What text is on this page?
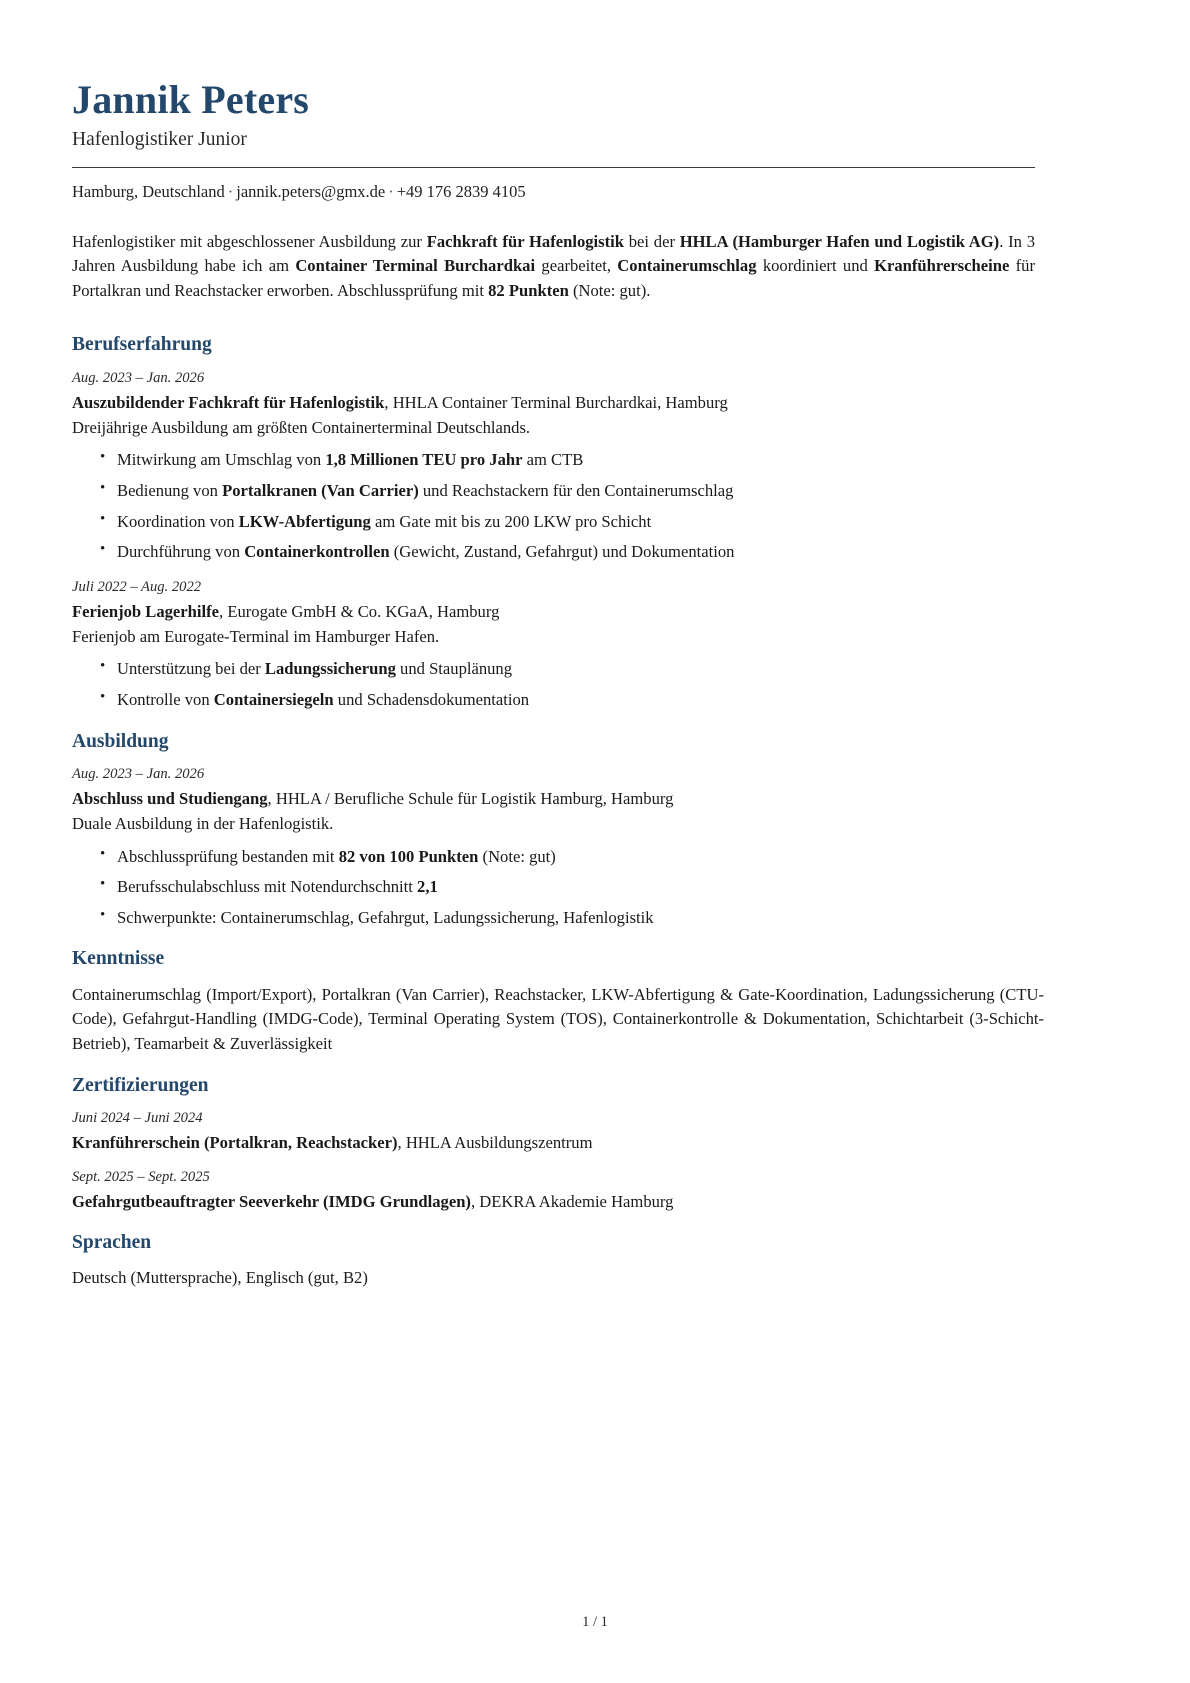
Jannik Peters
Hafenlogistiker Junior
Hamburg, Deutschland · jannik.peters@gmx.de · +49 176 2839 4105

Hafenlogistiker mit abgeschlossener Ausbildung zur Fachkraft für Hafenlogistik bei der HHLA (Hamburger Hafen und Logistik AG). In 3 Jahren Ausbildung habe ich am Container Terminal Burchardkai gearbeitet, Containerumschlag koordiniert und Kranführerscheine für Portalkran und Reachstacker erworben. Abschlussprüfung mit 82 Punkten (Note: gut).

Berufserfahrung
Aug. 2023 – Jan. 2026
Auszubildender Fachkraft für Hafenlogistik, HHLA Container Terminal Burchardkai, Hamburg
Dreijährige Ausbildung am größten Containerterminal Deutschlands.
• Mitwirkung am Umschlag von 1,8 Millionen TEU pro Jahr am CTB
• Bedienung von Portalkranen (Van Carrier) und Reachstackern für den Containerumschlag
• Koordination von LKW-Abfertigung am Gate mit bis zu 200 LKW pro Schicht
• Durchführung von Containerkontrollen (Gewicht, Zustand, Gefahrgut) und Dokumentation
Juli 2022 – Aug. 2022
Ferienjob Lagerhilfe, Eurogate GmbH & Co. KGaA, Hamburg
Ferienjob am Eurogate-Terminal im Hamburger Hafen.
• Unterstützung bei der Ladungssicherung und Stauplänung
• Kontrolle von Containersiegeln und Schadensdokumentation
Ausbildung
Aug. 2023 – Jan. 2026
Abschluss und Studiengang, HHLA / Berufliche Schule für Logistik Hamburg, Hamburg
Duale Ausbildung in der Hafenlogistik.
• Abschlussprüfung bestanden mit 82 von 100 Punkten (Note: gut)
• Berufsschulabschluss mit Notendurchschnitt 2,1
• Schwerpunkte: Containerumschlag, Gefahrgut, Ladungssicherung, Hafenlogistik
Kenntnisse

Containerumschlag (Import/Export), Portalkran (Van Carrier), Reachstacker, LKW-Abfertigung & Gate-Koordination, Ladungssicherung (CTU-Code), Gefahrgut-Handling (IMDG-Code), Terminal Operating System (TOS), Containerkontrolle & Dokumentation, Schichtarbeit (3-Schicht-Betrieb), Teamarbeit & Zuverlässigkeit

Zertifizierungen
Juni 2024 – Juni 2024
Kranführerschein (Portalkran, Reachstacker), HHLA Ausbildungszentrum
Sept. 2025 – Sept. 2025
Gefahrgutbeauftragter Seeverkehr (IMDG Grundlagen), DEKRA Akademie Hamburg
Sprachen

Deutsch (Muttersprache), Englisch (gut, B2)

1 / 1
